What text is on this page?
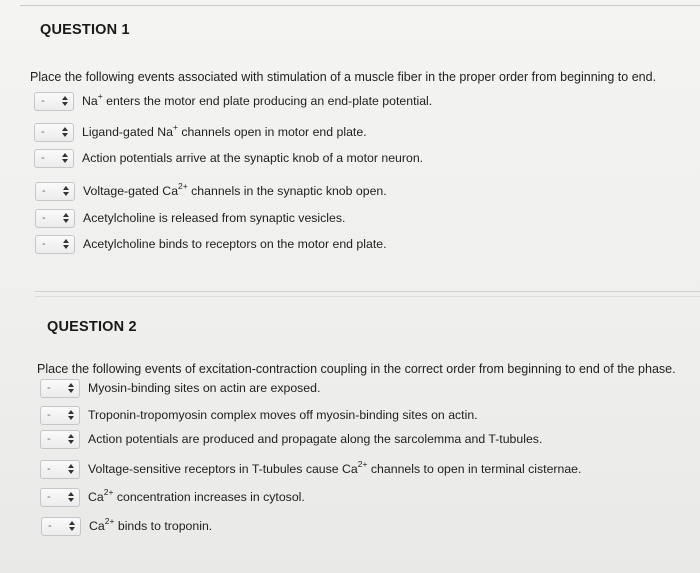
QUESTION 1
Place the following events associated with stimulation of a muscle fiber in the proper order from beginning to end.
-	Na+ enters the motor end plate producing an end-plate potential.
-	Ligand-gated Na+ channels open in motor end plate.
-	Action potentials arrive at the synaptic knob of a motor neuron.
-	Voltage-gated $Ca^{2+}$ channels in the synaptic knob open.
-	Acetylcholine is released from synaptic vesicles.
-	Acetylcholine binds to receptors on the motor end plate.
QUESTION 2
Place the following events of excitation-contraction coupling in the correct order from beginning to end of the phase.
-	Myosin-binding sites on actin are exposed.
-	Troponin-tropomyosin complex moves off myosin-binding sites on actin.
-	Action potentials are produced and propagate along the sarcolemma and T-tubules.
-	Voltage-sensitive receptors in T-tubules cause $Ca^{2+}$ channels to open in terminal cisternae.
-	$Ca^{2+}$ concentration increases in cytosol.
-	$Ca^{2+}$ binds to troponin.
